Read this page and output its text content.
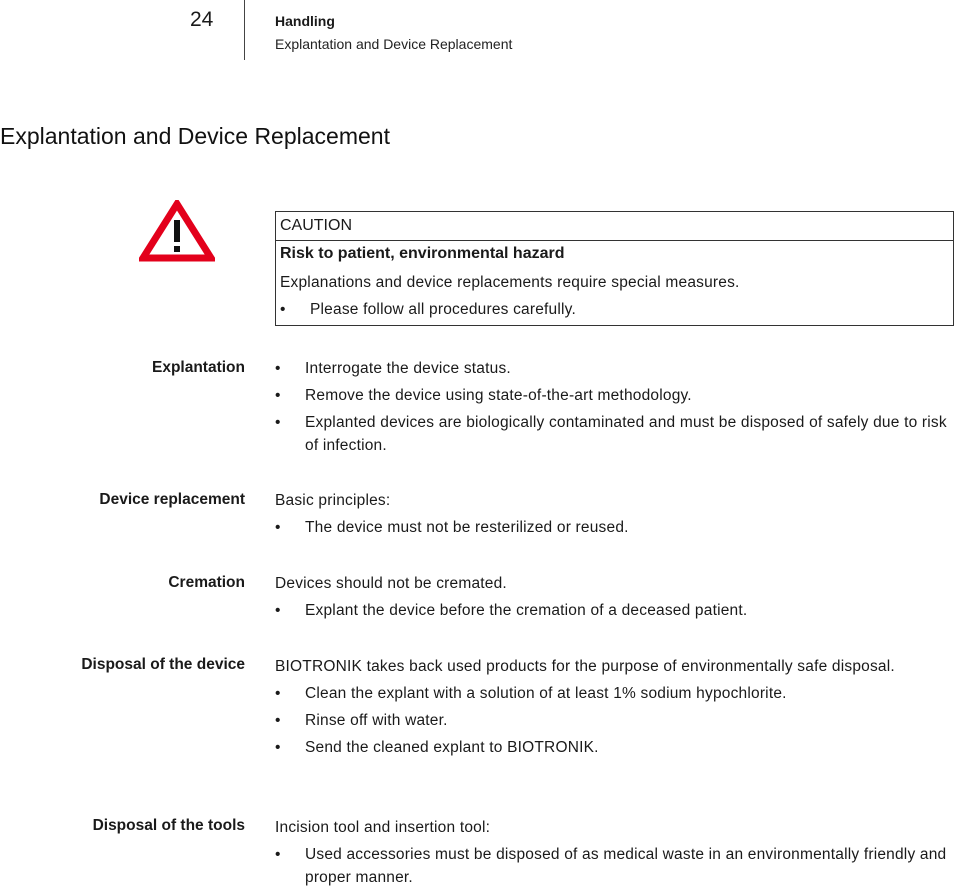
24	Handling
Explantation and Device Replacement
Explantation and Device Replacement
CAUTION
Risk to patient, environmental hazard
Explanations and device replacements require special measures.
•	Please follow all procedures carefully.
Explantation •	Interrogate the device status.
•	Remove the device using state-of-the-art methodology.
•	Explanted devices are biologically contaminated and must be disposed of safely due to risk of infection.
Device replacement Basic principles:

•	The device must not be resterilized or reused.
Cremation Devices should not be cremated.

•	Explant the device before the cremation of a deceased patient.
Disposal of the device BIOTRONIK takes back used products for the purpose of environmentally safe disposal.

•	Clean the explant with a solution of at least 1% sodium hypochlorite.
•	Rinse off with water.
•	Send the cleaned explant to BIOTRONIK.
Disposal of the tools Incision tool and insertion tool:

•	Used accessories must be disposed of as medical waste in an environmentally friendly and proper manner.
